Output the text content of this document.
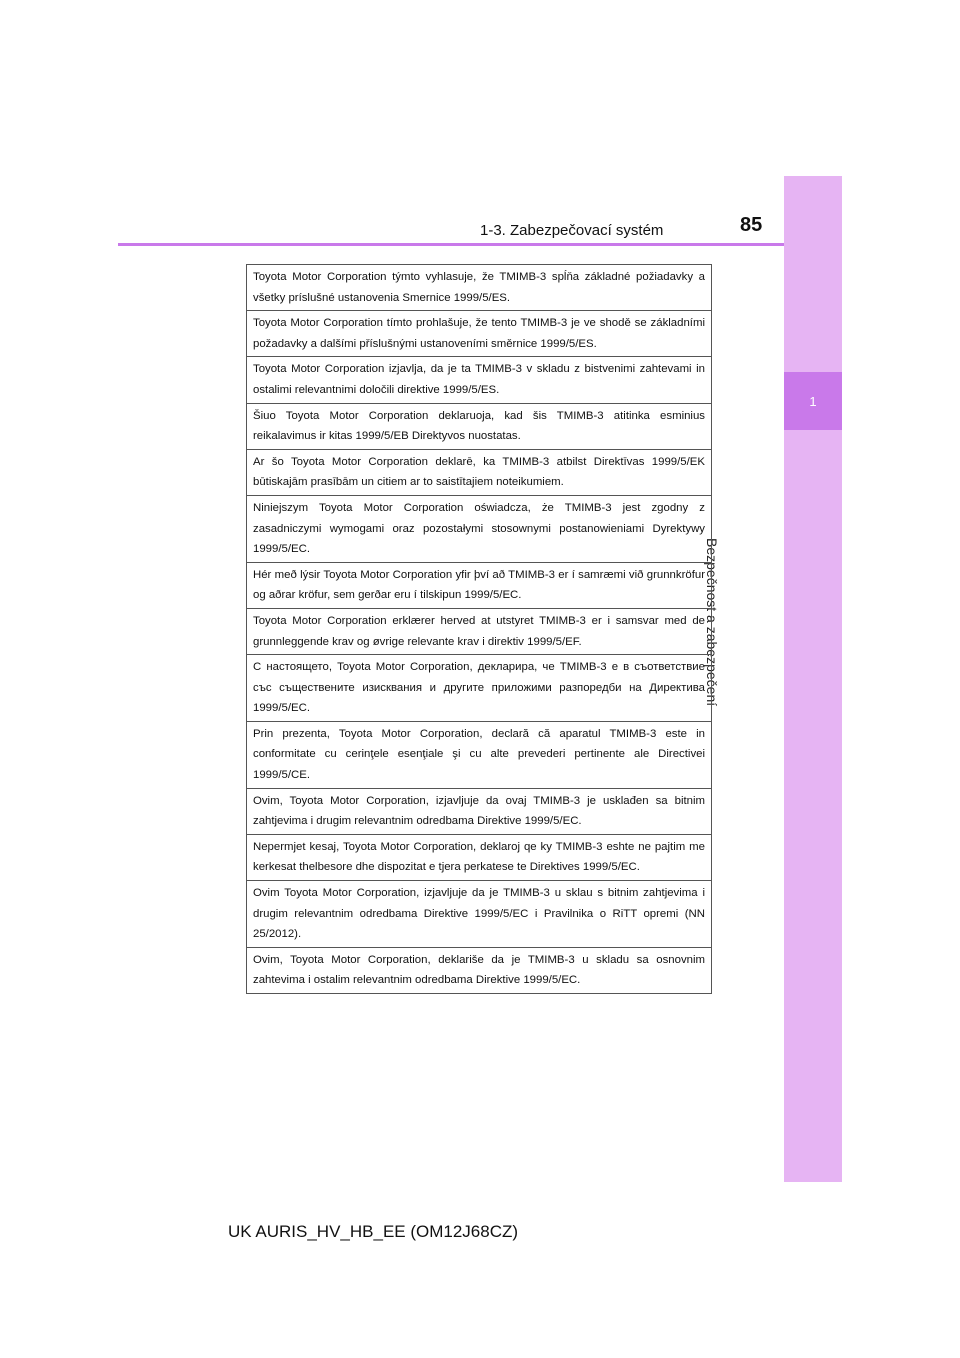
1
Bezpečnost a zabezpečení
85
1-3. Zabezpečovací systém
Toyota Motor Corporation týmto vyhlasuje, že TMIMB-3 spĺňa základné požiadavky a všetky príslušné ustanovenia Smernice 1999/5/ES.
Toyota Motor Corporation tímto prohlašuje, že tento TMIMB-3 je ve shodě se základními požadavky a dalšími příslušnými ustanoveními směrnice 1999/5/ES.
Toyota Motor Corporation izjavlja, da je ta TMIMB-3 v skladu z bistvenimi zahtevami in ostalimi relevantnimi določili direktive 1999/5/ES.
Šiuo Toyota Motor Corporation deklaruoja, kad šis TMIMB-3 atitinka esminius reikalavimus ir kitas 1999/5/EB Direktyvos nuostatas.
Ar šo Toyota Motor Corporation deklarē, ka TMIMB-3 atbilst Direktīvas 1999/5/EK būtiskajām prasībām un citiem ar to saistītajiem noteikumiem.
Niniejszym Toyota Motor Corporation oświadcza, że TMIMB-3 jest zgodny z zasadniczymi wymogami oraz pozostałymi stosownymi postanowieniami Dyrektywy 1999/5/EC.
Hér með lýsir Toyota Motor Corporation yfir því að TMIMB-3 er í samræmi við grunnkröfur og aðrar kröfur, sem gerðar eru í tilskipun 1999/5/EC.
Toyota Motor Corporation erklærer herved at utstyret TMIMB-3 er i samsvar med de grunnleggende krav og øvrige relevante krav i direktiv 1999/5/EF.
С настоящето, Toyota Motor Corporation, декларира, че TMIMB-3 е в съответствие със съществените изисквания и другите приложими разпоредби на Директива 1999/5/ЕС.
Prin prezenta, Toyota Motor Corporation, declară că aparatul TMIMB-3 este in conformitate cu cerinţele esenţiale şi cu alte prevederi pertinente ale Directivei 1999/5/CE.
Ovim, Toyota Motor Corporation, izjavljuje da ovaj TMIMB-3 je usklađen sa bitnim zahtjevima i drugim relevantnim odredbama Direktive 1999/5/EC.
Nepermjet kesaj, Toyota Motor Corporation, deklaroj qe ky TMIMB-3 eshte ne pajtim me kerkesat thelbesore dhe dispozitat e tjera perkatese te Direktives 1999/5/EC.
Ovim Toyota Motor Corporation, izjavljuje da je TMIMB-3 u sklau s bitnim zahtjevima i drugim relevantnim odredbama Direktive 1999/5/EC i Pravilnika o RiTT opremi (NN 25/2012).
Ovim, Toyota Motor Corporation, deklariše da je TMIMB-3 u skladu sa osnovnim zahtevima i ostalim relevantnim odredbama Direktive 1999/5/EC.
UK AURIS_HV_HB_EE (OM12J68CZ)
